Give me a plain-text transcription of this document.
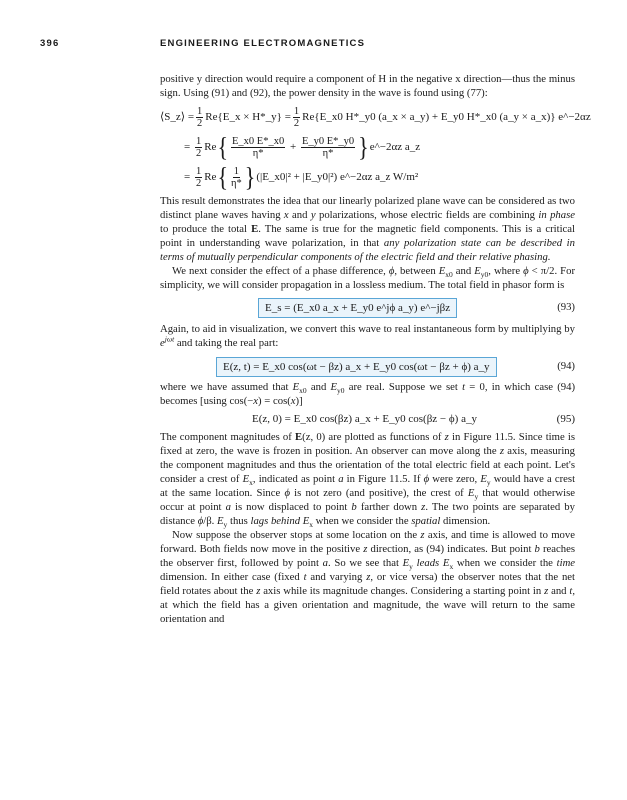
396	ENGINEERING ELECTROMAGNETICS

positive y direction would require a component of H in the negative x direction—thus the minus sign. Using (91) and (92), the power density in the wave is found using (77):

⟨S_z⟩ = $\frac{1}{2}$ Re{E_x × H*_y} = $\frac{1}{2}$ Re{E_x0 H*_y0 (a_x × a_y) + E_y0 H*_x0 (a_y × a_x)} e^−2αz
=
$\frac{1}{2}$ Re { $\frac{E\_x0 E*\_x0}{\eta*}$
+
$\frac{E\_y0 E*\_y0}{\eta*}$ } e^−2αz a_z
=
$\frac{1}{2}$ Re { $\frac{1}{\eta*}$ } (|E_x0|² + |E_y0|²) e^−2αz a_z W/m²

This result demonstrates the idea that our linearly polarized plane wave can be considered as two distinct plane waves having x and y polarizations, whose electric fields are combining in phase to produce the total E. The same is true for the magnetic field components. This is a critical point in understanding wave polarization, in that any polarization state can be described in terms of mutually perpendicular components of the electric field and their relative phasing.

We next consider the effect of a phase difference, ϕ, between $E_{x0}$ and $E_{y0}$, where ϕ < π/2. For simplicity, we will consider propagation in a lossless medium. The total field in phasor form is

E_s = (E_x0 a_x + E_y0 e^jϕ a_y) e^−jβz	(93)

Again, to aid in visualization, we convert this wave to real instantaneous form by multiplying by $e^{j\omega t}$ and taking the real part:

E(z, t) = E_x0 cos(ωt − βz) a_x + E_y0 cos(ωt − βz + ϕ) a_y	(94)

where we have assumed that $E_{x0}$ and $E_{y0}$ are real. Suppose we set t = 0, in which case (94) becomes [using cos(−x) = cos(x)]

E(z, 0) = E_x0 cos(βz) a_x + E_y0 cos(βz − ϕ) a_y	(95)

The component magnitudes of E(z, 0) are plotted as functions of z in Figure 11.5. Since time is fixed at zero, the wave is frozen in position. An observer can move along the z axis, measuring the component magnitudes and thus the orientation of the total electric field at each point. Let's consider a crest of $E_x$, indicated as point a in Figure 11.5. If ϕ were zero, $E_y$ would have a crest at the same location. Since ϕ is not zero (and positive), the crest of $E_y$ that would otherwise occur at point a is now displaced to point b farther down z. The two points are separated by distance ϕ/β. $E_y$ thus lags behind $E_x$ when we consider the spatial dimension.

Now suppose the observer stops at some location on the z axis, and time is allowed to move forward. Both fields now move in the positive z direction, as (94) indicates. But point b reaches the observer first, followed by point a. So we see that $E_y$ leads $E_x$ when we consider the time dimension. In either case (fixed t and varying z, or vice versa) the observer notes that the net field rotates about the z axis while its magnitude changes. Considering a starting point in z and t, at which the field has a given orientation and magnitude, the wave will return to the same orientation and
